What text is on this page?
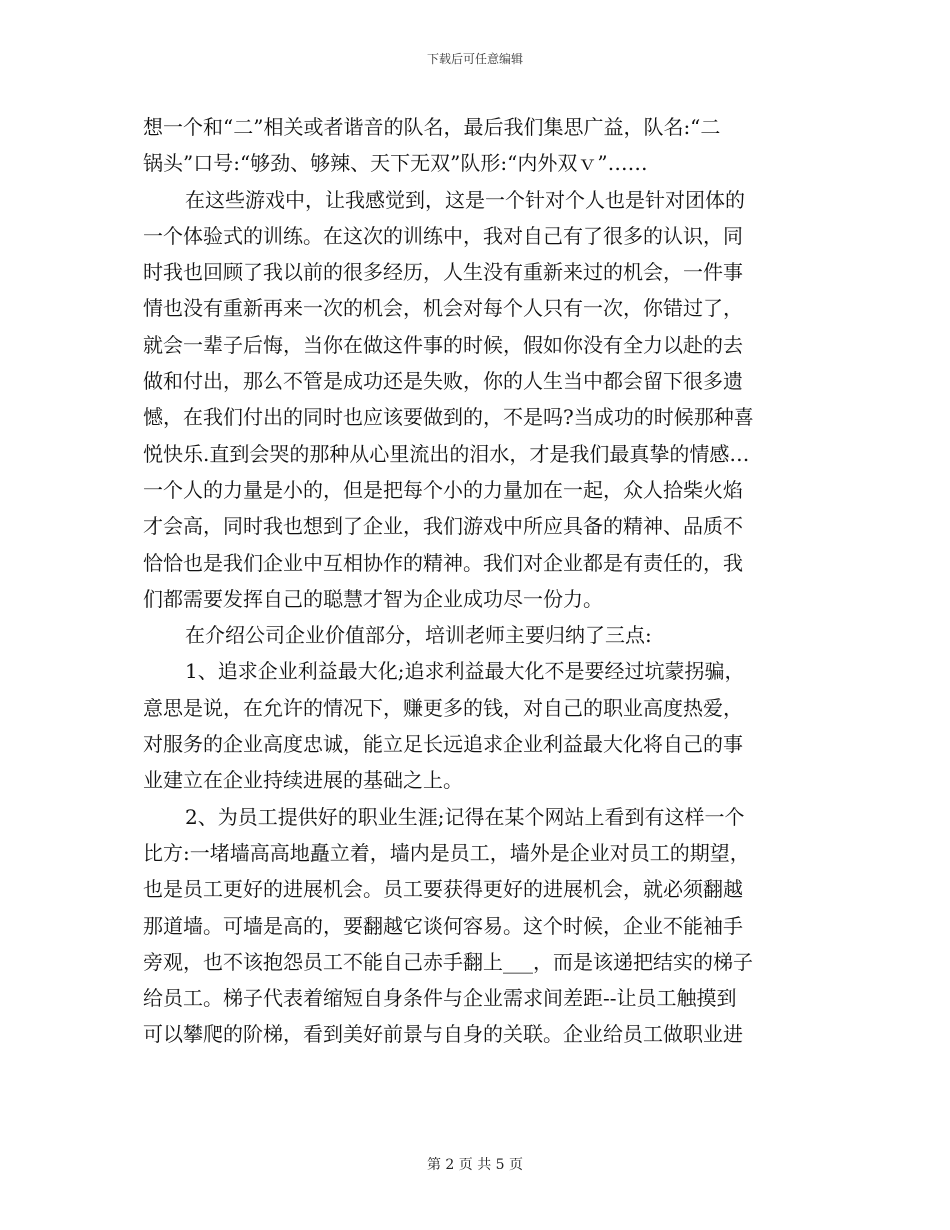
下载后可任意编辑
想一个和“二”相关或者谐音的队名，最后我们集思广益，队名:“二
锅头”口号:“够劲、够辣、天下无双”队形:“内外双ｖ”……
在这些游戏中，让我感觉到，这是一个针对个人也是针对团体的
一个体验式的训练。在这次的训练中，我对自己有了很多的认识，同
时我也回顾了我以前的很多经历，人生没有重新来过的机会，一件事
情也没有重新再来一次的机会，机会对每个人只有一次，你错过了，
就会一辈子后悔，当你在做这件事的时候，假如你没有全力以赴的去
做和付出，那么不管是成功还是失败，你的人生当中都会留下很多遗
憾，在我们付出的同时也应该要做到的，不是吗?当成功的时候那种喜
悦快乐.直到会哭的那种从心里流出的泪水，才是我们最真挚的情感…
一个人的力量是小的，但是把每个小的力量加在一起，众人拾柴火焰
才会高，同时我也想到了企业，我们游戏中所应具备的精神、品质不
恰恰也是我们企业中互相协作的精神。我们对企业都是有责任的，我
们都需要发挥自己的聪慧才智为企业成功尽一份力。
在介绍公司企业价值部分，培训老师主要归纳了三点:
1、追求企业利益最大化;追求利益最大化不是要经过坑蒙拐骗，
意思是说，在允许的情况下，赚更多的钱，对自己的职业高度热爱，
对服务的企业高度忠诚，能立足长远追求企业利益最大化将自己的事
业建立在企业持续进展的基础之上。
2、为员工提供好的职业生涯;记得在某个网站上看到有这样一个
比方:一堵墙高高地矗立着，墙内是员工，墙外是企业对员工的期望，
也是员工更好的进展机会。员工要获得更好的进展机会，就必须翻越
那道墙。可墙是高的，要翻越它谈何容易。这个时候，企业不能袖手
旁观，也不该抱怨员工不能自己赤手翻上___，而是该递把结实的梯子
给员工。梯子代表着缩短自身条件与企业需求间差距--让员工触摸到
可以攀爬的阶梯，看到美好前景与自身的关联。企业给员工做职业进
第 2 页 共 5 页
